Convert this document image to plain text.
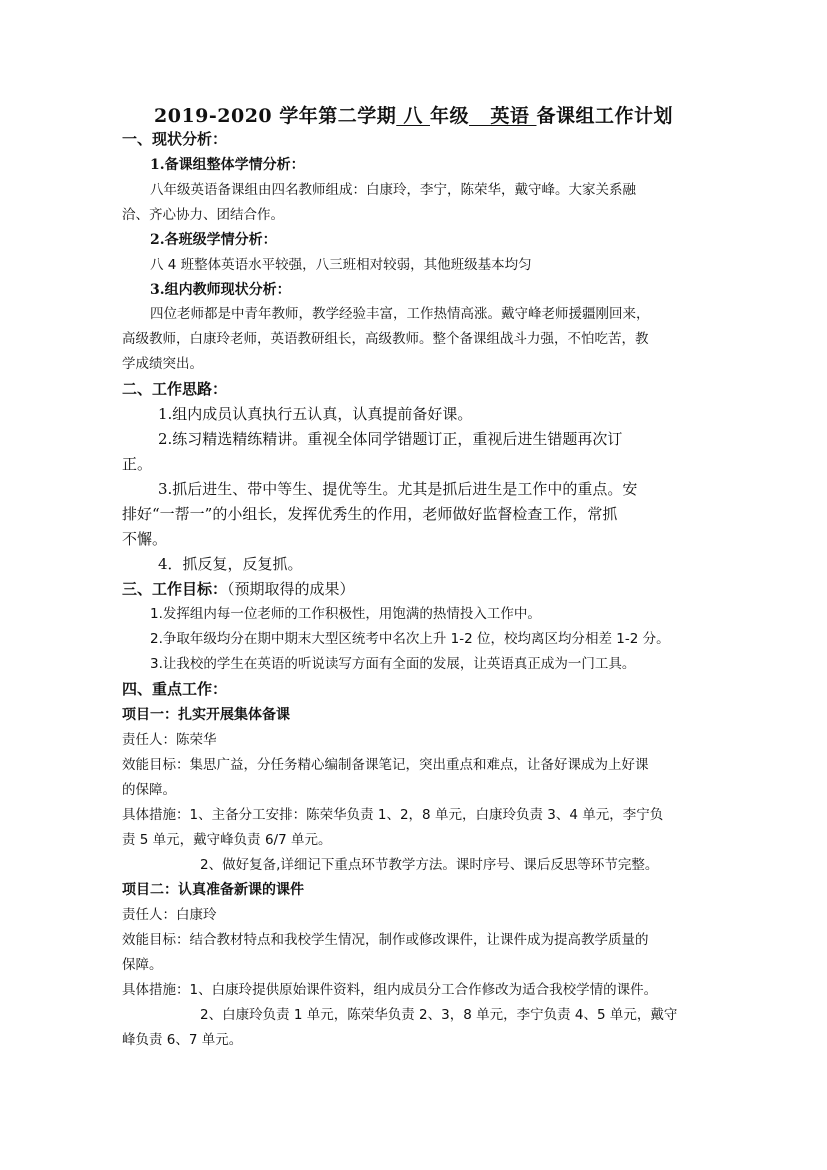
2019-2020 学年第二学期 八 年级   英语 备课组工作计划
一、现状分析：
1.备课组整体学情分析：
八年级英语备课组由四名教师组成：白康玲，李宁，陈荣华，戴守峰。大家关系融
洽、齐心协力、团结合作。
2.各班级学情分析：
八 4 班整体英语水平较强，八三班相对较弱，其他班级基本均匀
3.组内教师现状分析：
四位老师都是中青年教师，教学经验丰富，工作热情高涨。戴守峰老师援疆刚回来，
高级教师，白康玲老师，英语教研组长，高级教师。整个备课组战斗力强，不怕吃苦，教
学成绩突出。
二、工作思路：
1.组内成员认真执行五认真，认真提前备好课。
2.练习精选精练精讲。重视全体同学错题订正，重视后进生错题再次订
正。
3.抓后进生、带中等生、提优等生。尤其是抓后进生是工作中的重点。安
排好“一帮一”的小组长，发挥优秀生的作用，老师做好监督检查工作，常抓
不懈。
4．抓反复，反复抓。
三、工作目标：（预期取得的成果）
1.发挥组内每一位老师的工作积极性，用饱满的热情投入工作中。
2.争取年级均分在期中期末大型区统考中名次上升 1-2 位，校均离区均分相差 1-2 分。
3.让我校的学生在英语的听说读写方面有全面的发展，让英语真正成为一门工具。
四、重点工作：
项目一：扎实开展集体备课
责任人：陈荣华
效能目标：集思广益，分任务精心编制备课笔记，突出重点和难点，让备好课成为上好课
的保障。
具体措施：1、主备分工安排：陈荣华负责 1、2，8 单元，白康玲负责 3、4 单元，李宁负
责 5 单元，戴守峰负责 6/7 单元。
2、做好复备,详细记下重点环节教学方法。课时序号、课后反思等环节完整。
项目二：认真准备新课的课件
责任人：白康玲
效能目标：结合教材特点和我校学生情况，制作或修改课件，让课件成为提高教学质量的
保障。
具体措施：1、白康玲提供原始课件资料，组内成员分工合作修改为适合我校学情的课件。
2、白康玲负责 1 单元，陈荣华负责 2、3，8 单元，李宁负责 4、5 单元，戴守
峰负责 6、7 单元。
